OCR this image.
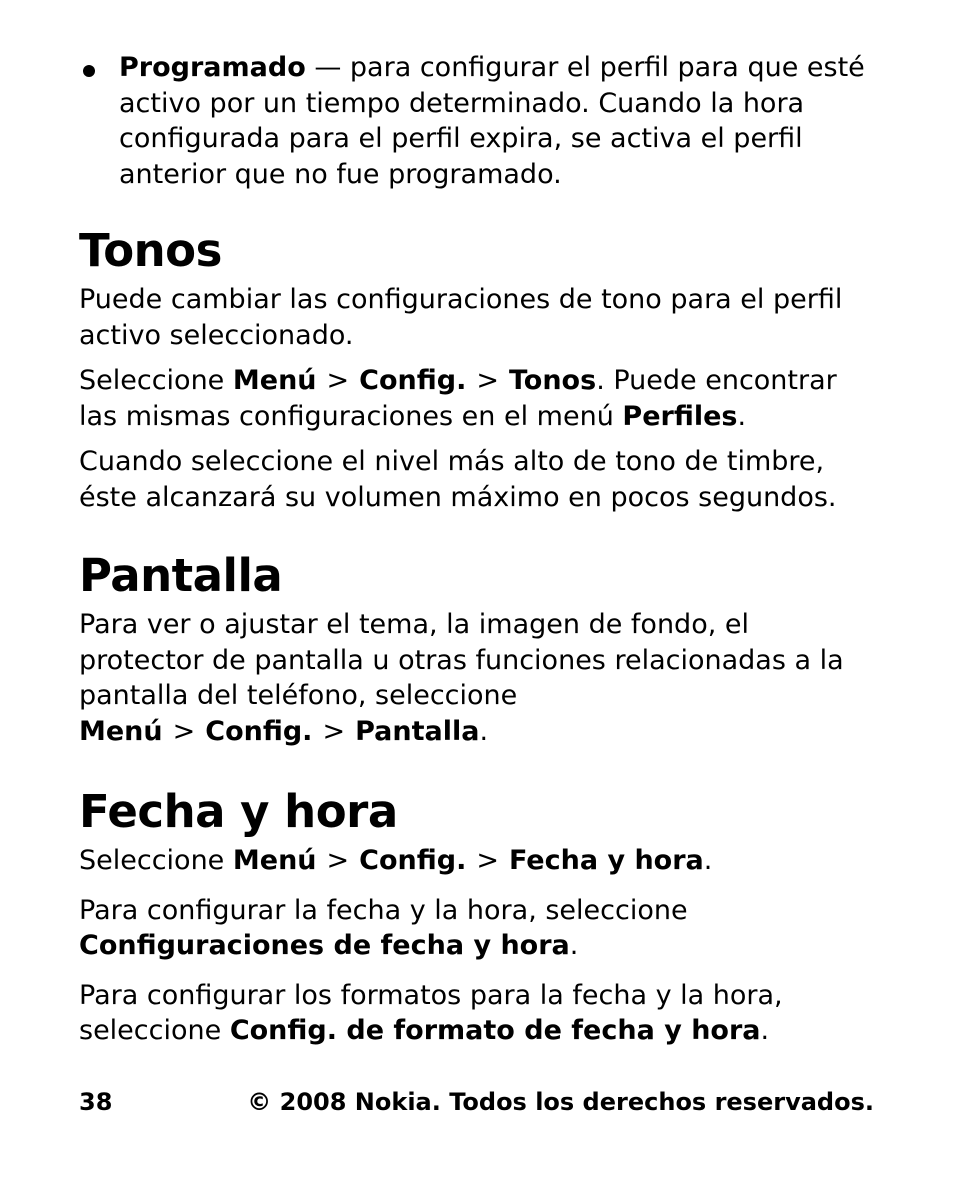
Programado — para configurar el perfil para que esté activo por un tiempo determinado. Cuando la hora configurada para el perfil expira, se activa el perfil anterior que no fue programado.
Tonos

Puede cambiar las configuraciones de tono para el perfil activo seleccionado.

Seleccione Menú > Config. > Tonos. Puede encontrar las mismas configuraciones en el menú Perfiles.

Cuando seleccione el nivel más alto de tono de timbre, éste alcanzará su volumen máximo en pocos segundos.

Pantalla

Para ver o ajustar el tema, la imagen de fondo, el protector de pantalla u otras funciones relacionadas a la pantalla del teléfono, seleccione Menú > Config. > Pantalla.

Fecha y hora

Seleccione Menú > Config. > Fecha y hora.

Para configurar la fecha y la hora, seleccione Configuraciones de fecha y hora.

Para configurar los formatos para la fecha y la hora, seleccione Config. de formato de fecha y hora.

38	© 2008 Nokia. Todos los derechos reservados.
